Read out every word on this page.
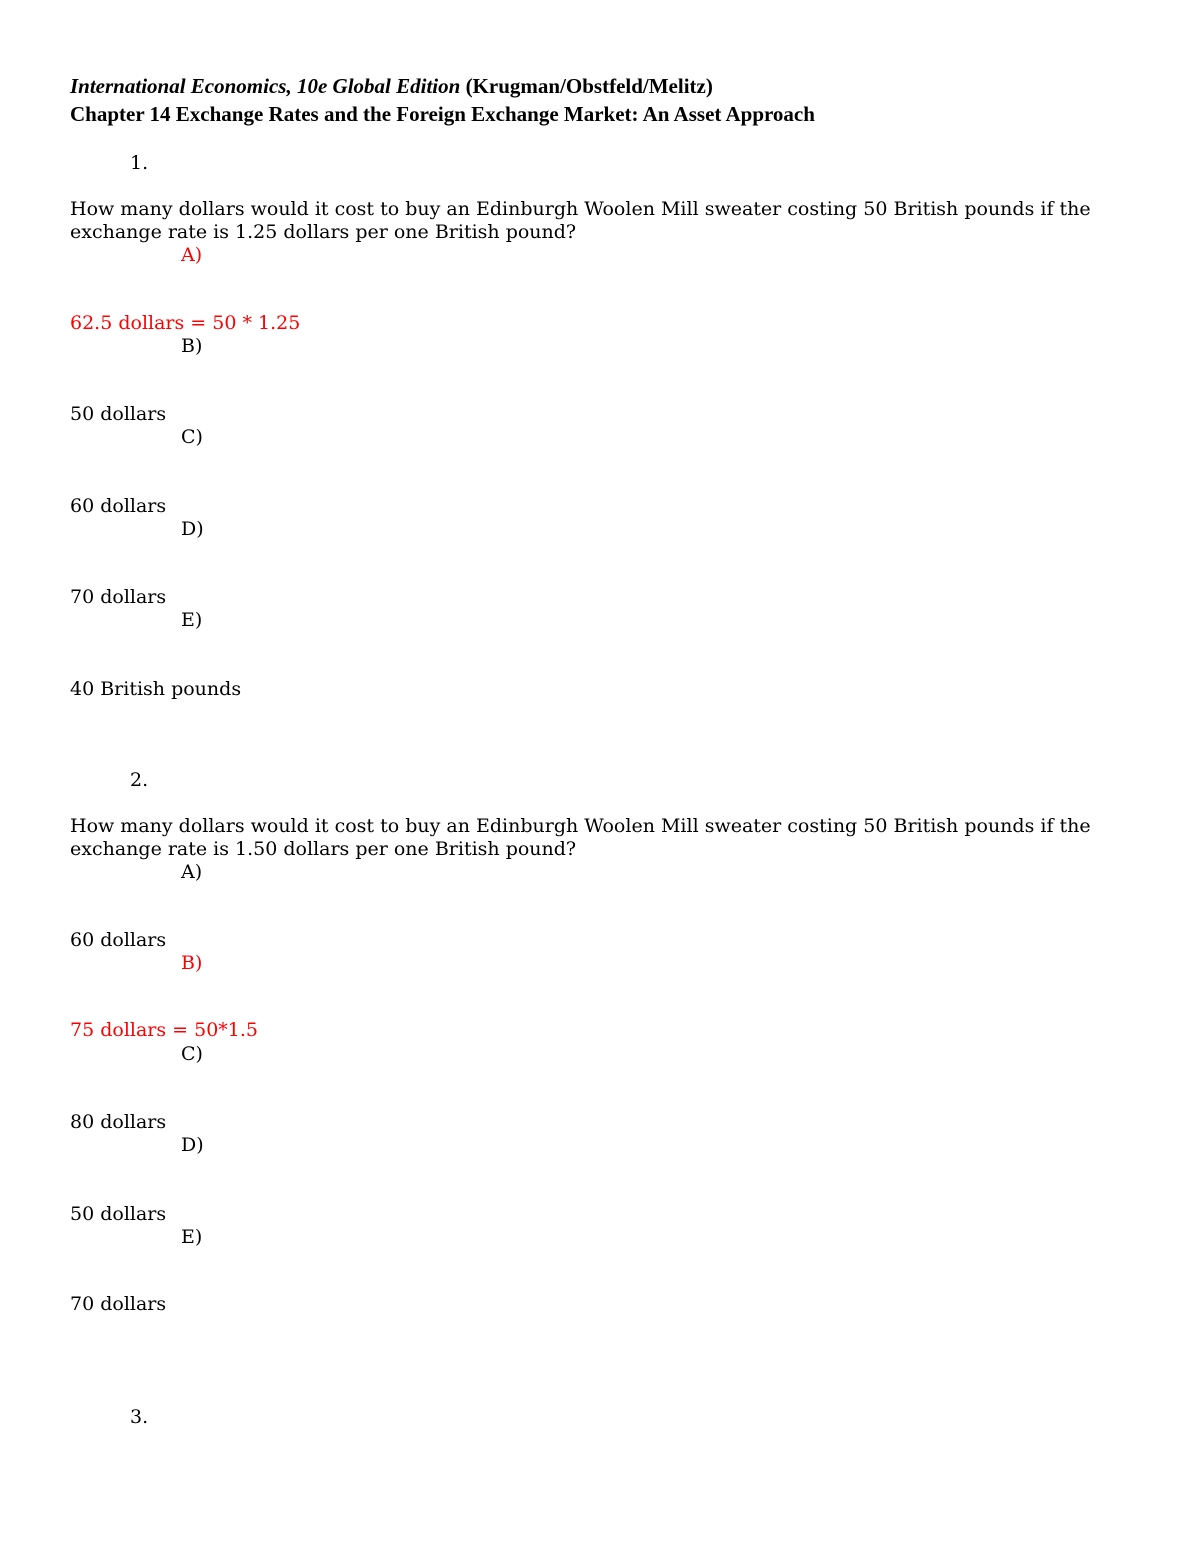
International Economics, 10e Global Edition (Krugman/Obstfeld/Melitz)
Chapter 14 Exchange Rates and the Foreign Exchange Market: An Asset Approach
1.
How many dollars would it cost to buy an Edinburgh Woolen Mill sweater costing 50 British pounds if the
exchange rate is 1.25 dollars per one British pound?
A)
62.5 dollars = 50 * 1.25
B)
50 dollars
C)
60 dollars
D)
70 dollars
E)
40 British pounds
2.
How many dollars would it cost to buy an Edinburgh Woolen Mill sweater costing 50 British pounds if the
exchange rate is 1.50 dollars per one British pound?
A)
60 dollars
B)
75 dollars = 50*1.5
C)
80 dollars
D)
50 dollars
E)
70 dollars
3.
